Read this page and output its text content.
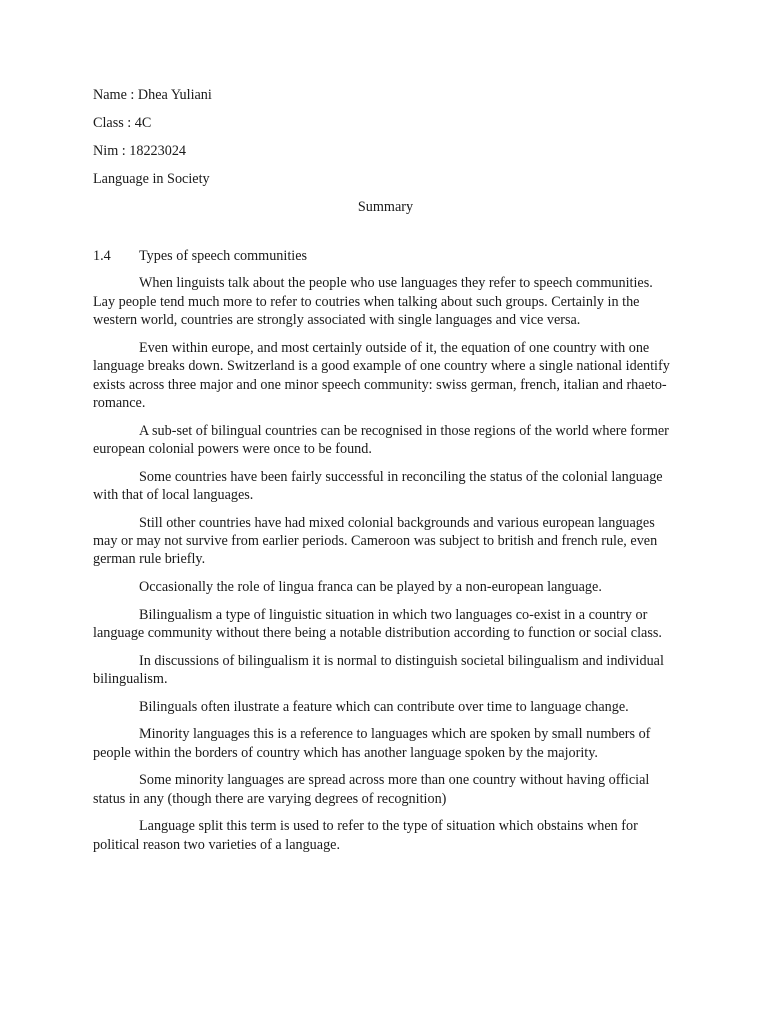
Name : Dhea Yuliani

Class : 4C

Nim : 18223024

Language in Society

Summary

1.4 Types of speech communities

When linguists talk about the people who use languages they refer to speech communities. Lay people tend much more to refer to coutries when talking about such groups. Certainly in the western world, countries are strongly associated with single languages and vice versa.

Even within europe, and most certainly outside of it, the equation of one country with one language breaks down. Switzerland is a good example of one country where a single national identify exists across three major and one minor speech community: swiss german, french, italian and rhaeto-romance.

A sub-set of bilingual countries can be recognised in those regions of the world where former european colonial powers were once to be found.

Some countries have been fairly successful in reconciling the status of the colonial language with that of local languages.

Still other countries have had mixed colonial backgrounds and various european languages may or may not survive from earlier periods. Cameroon was subject to british and french rule, even german rule briefly.

Occasionally the role of lingua franca can be played by a non-european language.

Bilingualism a type of linguistic situation in which two languages co-exist in a country or language community without there being a notable distribution according to function or social class.

In discussions of bilingualism it is normal to distinguish societal bilingualism and individual bilingualism.

Bilinguals often ilustrate a feature which can contribute over time to language change.

Minority languages this is a reference to languages which are spoken by small numbers of people within the borders of country which has another language spoken by the majority.

Some minority languages are spread across more than one country without having official status in any (though there are varying degrees of recognition)

Language split this term is used to refer to the type of situation which obstains when for political reason two varieties of a language.
